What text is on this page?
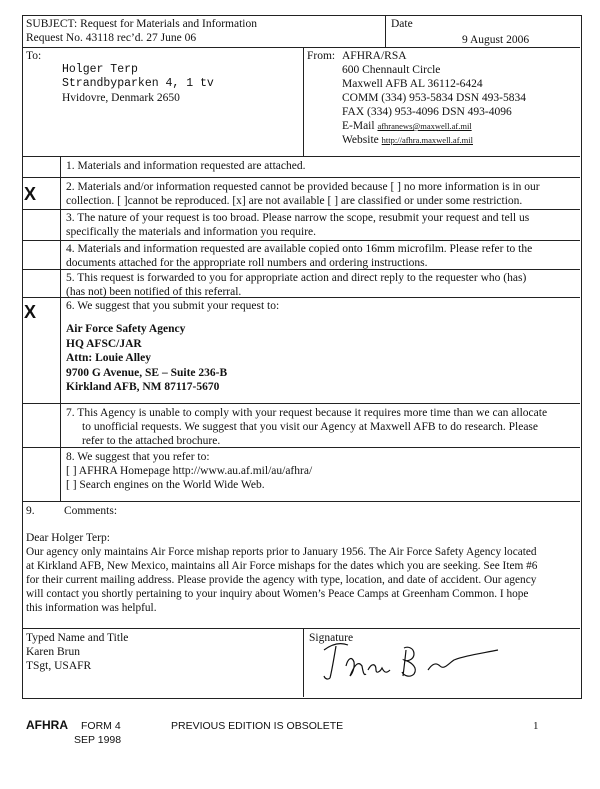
SUBJECT: Request for Materials and Information
Request No. 43118 rec’d. 27 June 06
Date
9 August 2006
To:
Holger Terp
Strandbyparken 4, 1 tv
Hvidovre, Denmark 2650
From: AFHRA/RSA
600 Chennault Circle
Maxwell AFB AL 36112-6424
COMM (334) 953-5834 DSN 493-5834
FAX (334) 953-4096 DSN 493-4096
E-Mail afhranews@maxwell.af.mil
Website http://afhra.maxwell.af.mil
1. Materials and information requested are attached.
X	2. Materials and/or information requested cannot be provided because [ ] no more information is in our
collection. [ ]cannot be reproduced. [x] are not available [ ] are classified or under some restriction.
3. The nature of your request is too broad. Please narrow the scope, resubmit your request and tell us
specifically the materials and information you require.
4. Materials and information requested are available copied onto 16mm microfilm. Please refer to the
documents attached for the appropriate roll numbers and ordering instructions.
5. This request is forwarded to you for appropriate action and direct reply to the requester who (has)
(has not) been notified of this referral.
X	6. We suggest that you submit your request to:
Air Force Safety Agency
HQ AFSC/JAR
Attn: Louie Alley
9700 G Avenue, SE – Suite 236-B
Kirkland AFB, NM 87117-5670
7. This Agency is unable to comply with your request because it requires more time than we can allocate
to unofficial requests. We suggest that you visit our Agency at Maxwell AFB to do research. Please
refer to the attached brochure.
8. We suggest that you refer to:
[ ] AFHRA Homepage http://www.au.af.mil/au/afhra/
[ ] Search engines on the World Wide Web.
9.	Comments:
Dear Holger Terp:
Our agency only maintains Air Force mishap reports prior to January 1956. The Air Force Safety Agency located
at Kirkland AFB, New Mexico, maintains all Air Force mishaps for the dates which you are seeking. See Item #6
for their current mailing address. Please provide the agency with type, location, and date of accident. Our agency
will contact you shortly pertaining to your inquiry about Women’s Peace Camps at Greenham Common. I hope
this information was helpful.
Typed Name and Title
Karen Brun
TSgt, USAFR
Signature
AFHRA FORM 4
SEP 1998
PREVIOUS EDITION IS OBSOLETE	1
